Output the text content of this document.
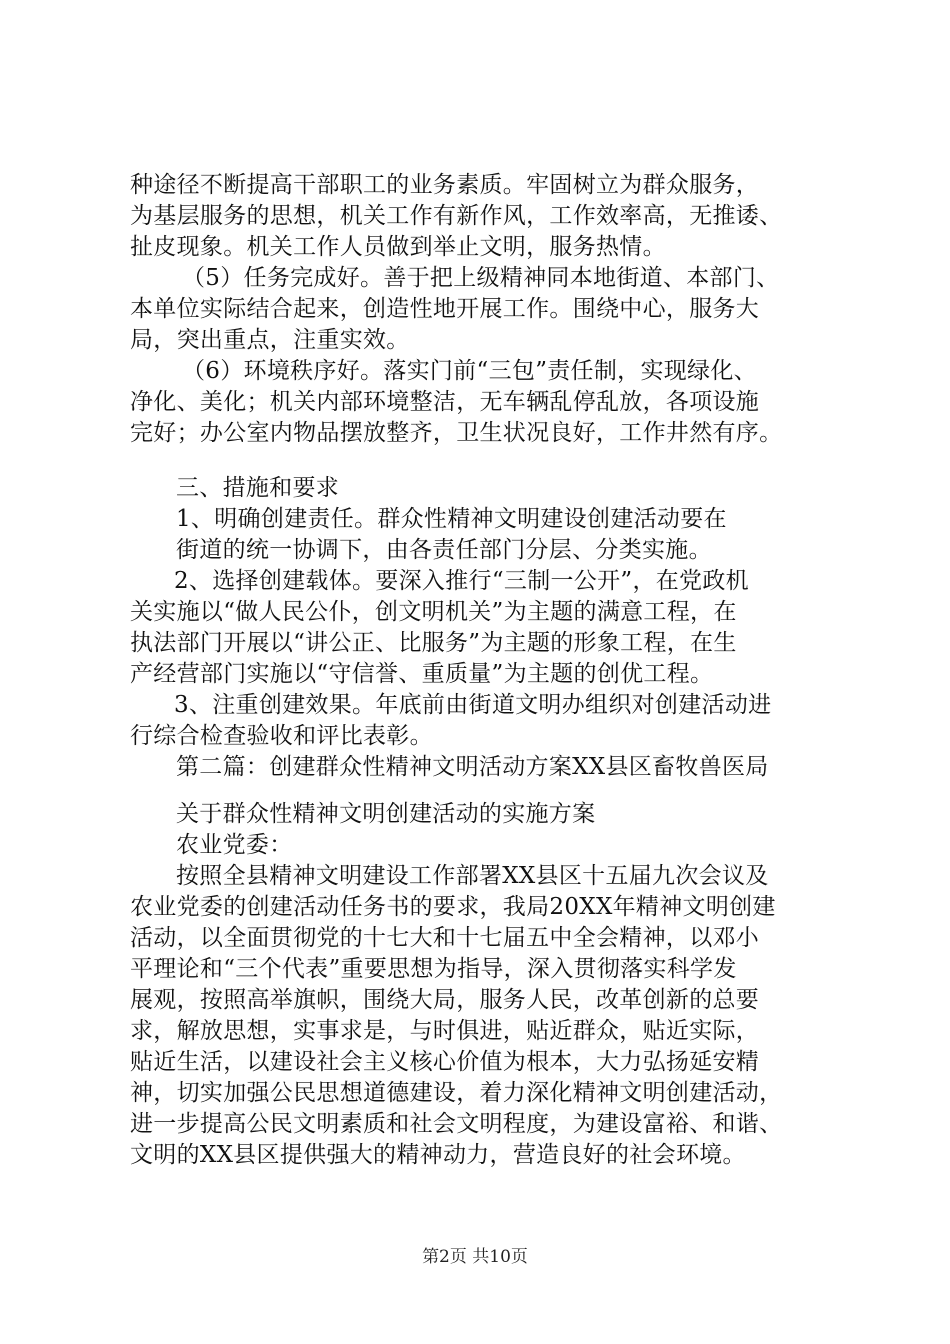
种途径不断提高干部职工的业务素质。牢固树立为群众服务，
为基层服务的思想，机关工作有新作风，工作效率高，无推诿、
扯皮现象。机关工作人员做到举止文明，服务热情。
（5）任务完成好。善于把上级精神同本地街道、本部门、
本单位实际结合起来，创造性地开展工作。围绕中心，服务大
局，突出重点，注重实效。
（6）环境秩序好。落实门前“三包”责任制，实现绿化、
净化、美化；机关内部环境整洁，无车辆乱停乱放，各项设施
完好；办公室内物品摆放整齐，卫生状况良好，工作井然有序。
三、措施和要求
1、明确创建责任。群众性精神文明建设创建活动要在
街道的统一协调下，由各责任部门分层、分类实施。
2、选择创建载体。要深入推行“三制一公开”，在党政机
关实施以“做人民公仆，创文明机关”为主题的满意工程，在
执法部门开展以“讲公正、比服务”为主题的形象工程，在生
产经营部门实施以“守信誉、重质量”为主题的创优工程。
3、注重创建效果。年底前由街道文明办组织对创建活动进
行综合检查验收和评比表彰。
第二篇：创建群众性精神文明活动方案XX县区畜牧兽医局
关于群众性精神文明创建活动的实施方案
农业党委：
按照全县精神文明建设工作部署XX县区十五届九次会议及
农业党委的创建活动任务书的要求，我局20XX年精神文明创建
活动，以全面贯彻党的十七大和十七届五中全会精神，以邓小
平理论和“三个代表”重要思想为指导，深入贯彻落实科学发
展观，按照高举旗帜，围绕大局，服务人民，改革创新的总要
求，解放思想，实事求是，与时俱进，贴近群众，贴近实际，
贴近生活，以建设社会主义核心价值为根本，大力弘扬延安精
神，切实加强公民思想道德建设，着力深化精神文明创建活动，
进一步提高公民文明素质和社会文明程度，为建设富裕、和谐、
文明的XX县区提供强大的精神动力，营造良好的社会环境。
第2页 共10页
